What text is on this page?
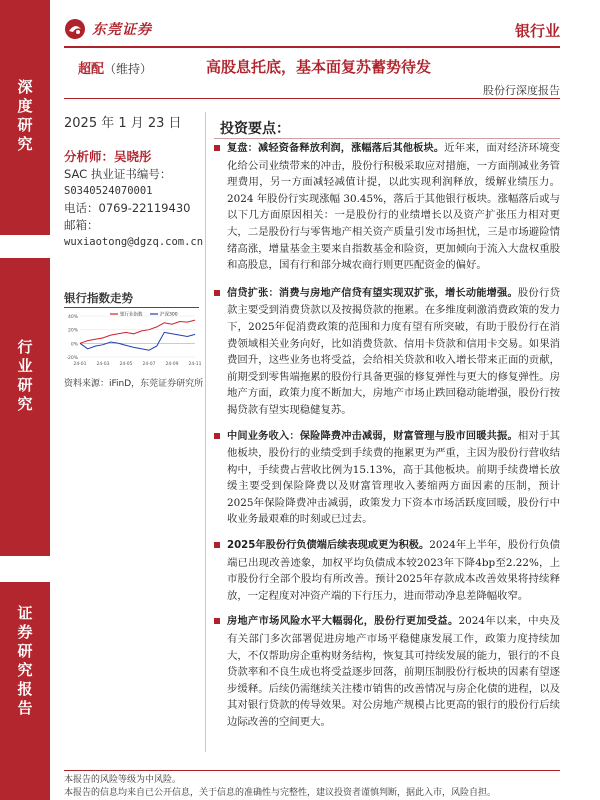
深
度
研
究
行
业
研
究
证
券
研
究
报
告
东莞证券	银行业
超配（维持）	高股息托底，基本面复苏蓄势待发
股份行深度报告
2025 年 1 月 23 日
分析师：吴晓彤
SAC 执业证书编号：
S0340524070001
电话：0769-22119430
邮箱：
wuxiaotong@dgzq.com.cn
银行指数走势
40%
20%
0%
-20%
24-01 24-03 24-05 24-07 24-09 24-11
银行业指数	沪深300
资料来源：iFinD，东莞证券研究所
投资要点：
复盘：减轻资备释放利润，涨幅落后其他板块。近年来，面对经济环境变化给公司业绩带来的冲击，股份行积极采取应对措施，一方面削减业务管理费用，另一方面减轻减值计提，以此实现利润释放，缓解业绩压力。2024 年股份行实现涨幅 30.45%，落后于其他银行板块。涨幅落后或与以下几方面原因相关：一是股份行的业绩增长以及资产扩张压力相对更大，二是股份行与零售地产相关资产质量引发市场担忧，三是市场避险情绪高涨，增量基金主要来自指数基金和险资，更加倾向于流入大盘权重股和高股息，国有行和部分城农商行则更匹配资金的偏好。
信贷扩张：消费与房地产信贷有望实现双扩张，增长动能增强。股份行贷款主要受到消费贷款以及按揭贷款的拖累。在多维度刺激消费政策的发力下，2025年促消费政策的范围和力度有望有所突破，有助于股份行在消费领域相关业务向好，比如消费贷款、信用卡贷款和信用卡交易。如果消费回升，这些业务也将受益，会给相关贷款和收入增长带来正面的贡献，前期受到零售端拖累的股份行具备更强的修复弹性与更大的修复弹性。房地产方面，政策力度不断加大，房地产市场止跌回稳动能增强，股份行按揭贷款有望实现稳健复苏。
中间业务收入：保险降费冲击减弱，财富管理与股市回暖共振。相对于其他板块，股份行的业绩受到手续费的拖累更为严重，主因为股份行营收结构中，手续费占营收比例为15.13%，高于其他板块。前期手续费增长放缓主要受到保险降费以及财富管理收入萎缩两方面因素的压制，预计2025年保险降费冲击减弱，政策发力下资本市场活跃度回暖，股份行中收业务最艰难的时刻或已过去。
2025年股份行负债端后续表现或更为积极。2024年上半年，股份行负债端已出现改善迹象，加权平均负债成本较2023年下降4bp至2.22%，上市股份行全部个股均有所改善。预计2025年存款成本改善效果将持续释放，一定程度对冲资产端的下行压力，进而带动净息差降幅收窄。
房地产市场风险水平大幅弱化，股份行更加受益。2024年以来，中央及有关部门多次部署促进房地产市场平稳健康发展工作，政策力度持续加大，不仅帮助房企重构财务结构，恢复其可持续发展的能力，银行的不良贷款率和不良生成也将受益逐步回落，前期压制股份行板块的因素有望逐步缓释。后续仍需继续关注楼市销售的改善情况与房企化债的进程，以及其对银行贷款的传导效果。对公房地产规模占比更高的银行的股份行后续边际改善的空间更大。
本报告的风险等级为中风险。
本报告的信息均来自已公开信息，关于信息的准确性与完整性，建议投资者谨慎判断，据此入市，风险自担。
